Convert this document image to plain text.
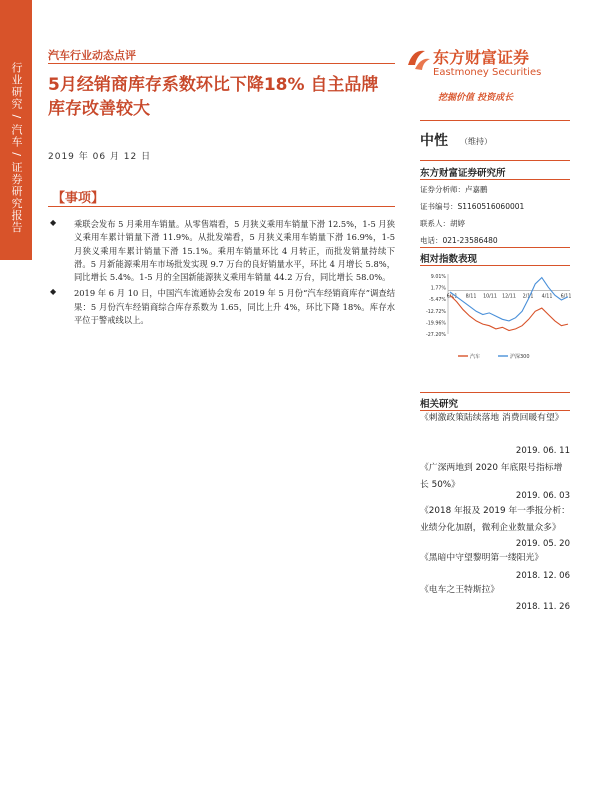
行业研究 / 汽车 / 证券研究报告
汽车行业动态点评
5月经销商库存系数环比下降18% 自主品牌库存改善较大
2019 年 06 月 12 日
【事项】
◆ 乘联会发布 5 月乘用车销量。从零售端看，5 月狭义乘用车销量下滑 12.5%，1-5 月狭义乘用车累计销量下滑 11.9%。从批发端看，5 月狭义乘用车销量下滑 16.9%，1-5 月狭义乘用车累计销量下滑 15.1%。乘用车销量环比 4 月转正，而批发销量持续下滑。5 月新能源乘用车市场批发实现 9.7 万台的良好销量水平，环比 4 月增长 5.8%，同比增长 5.4%。1-5 月的全国新能源狭义乘用车销量 44.2 万台，同比增长 58.0%。
◆ 2019 年 6 月 10 日，中国汽车流通协会发布 2019 年 5 月份“汽车经销商库存”调查结果：5 月份汽车经销商综合库存系数为 1.65，同比上升 4%，环比下降 18%。库存水平位于警戒线以上。
东方财富证券
Eastmoney Securities
挖掘价值 投资成长
中性 （维持）
东方财富证券研究所
证券分析师：卢嘉鹏
证书编号：S1160516060001
联系人：胡婷
电话：021-23586480
相对指数表现
9.01%
1.77%
-5.47%
-12.72%
-19.96%
-27.20%
6/11 8/11 10/11 12/11 2/11 4/11 6/11
汽车	沪深300
相关研究
《刺激政策陆续落地 消费回暖有望》
2019. 06. 11
《广深两地到 2020 年底限号指标增长 50%》
2019. 06. 03
《2018 年报及 2019 年一季报分析：业绩分化加剧，微利企业数量众多》
2019. 05. 20
《黑暗中守望黎明第一缕阳光》
2018. 12. 06
《电车之王特斯拉》
2018. 11. 26
